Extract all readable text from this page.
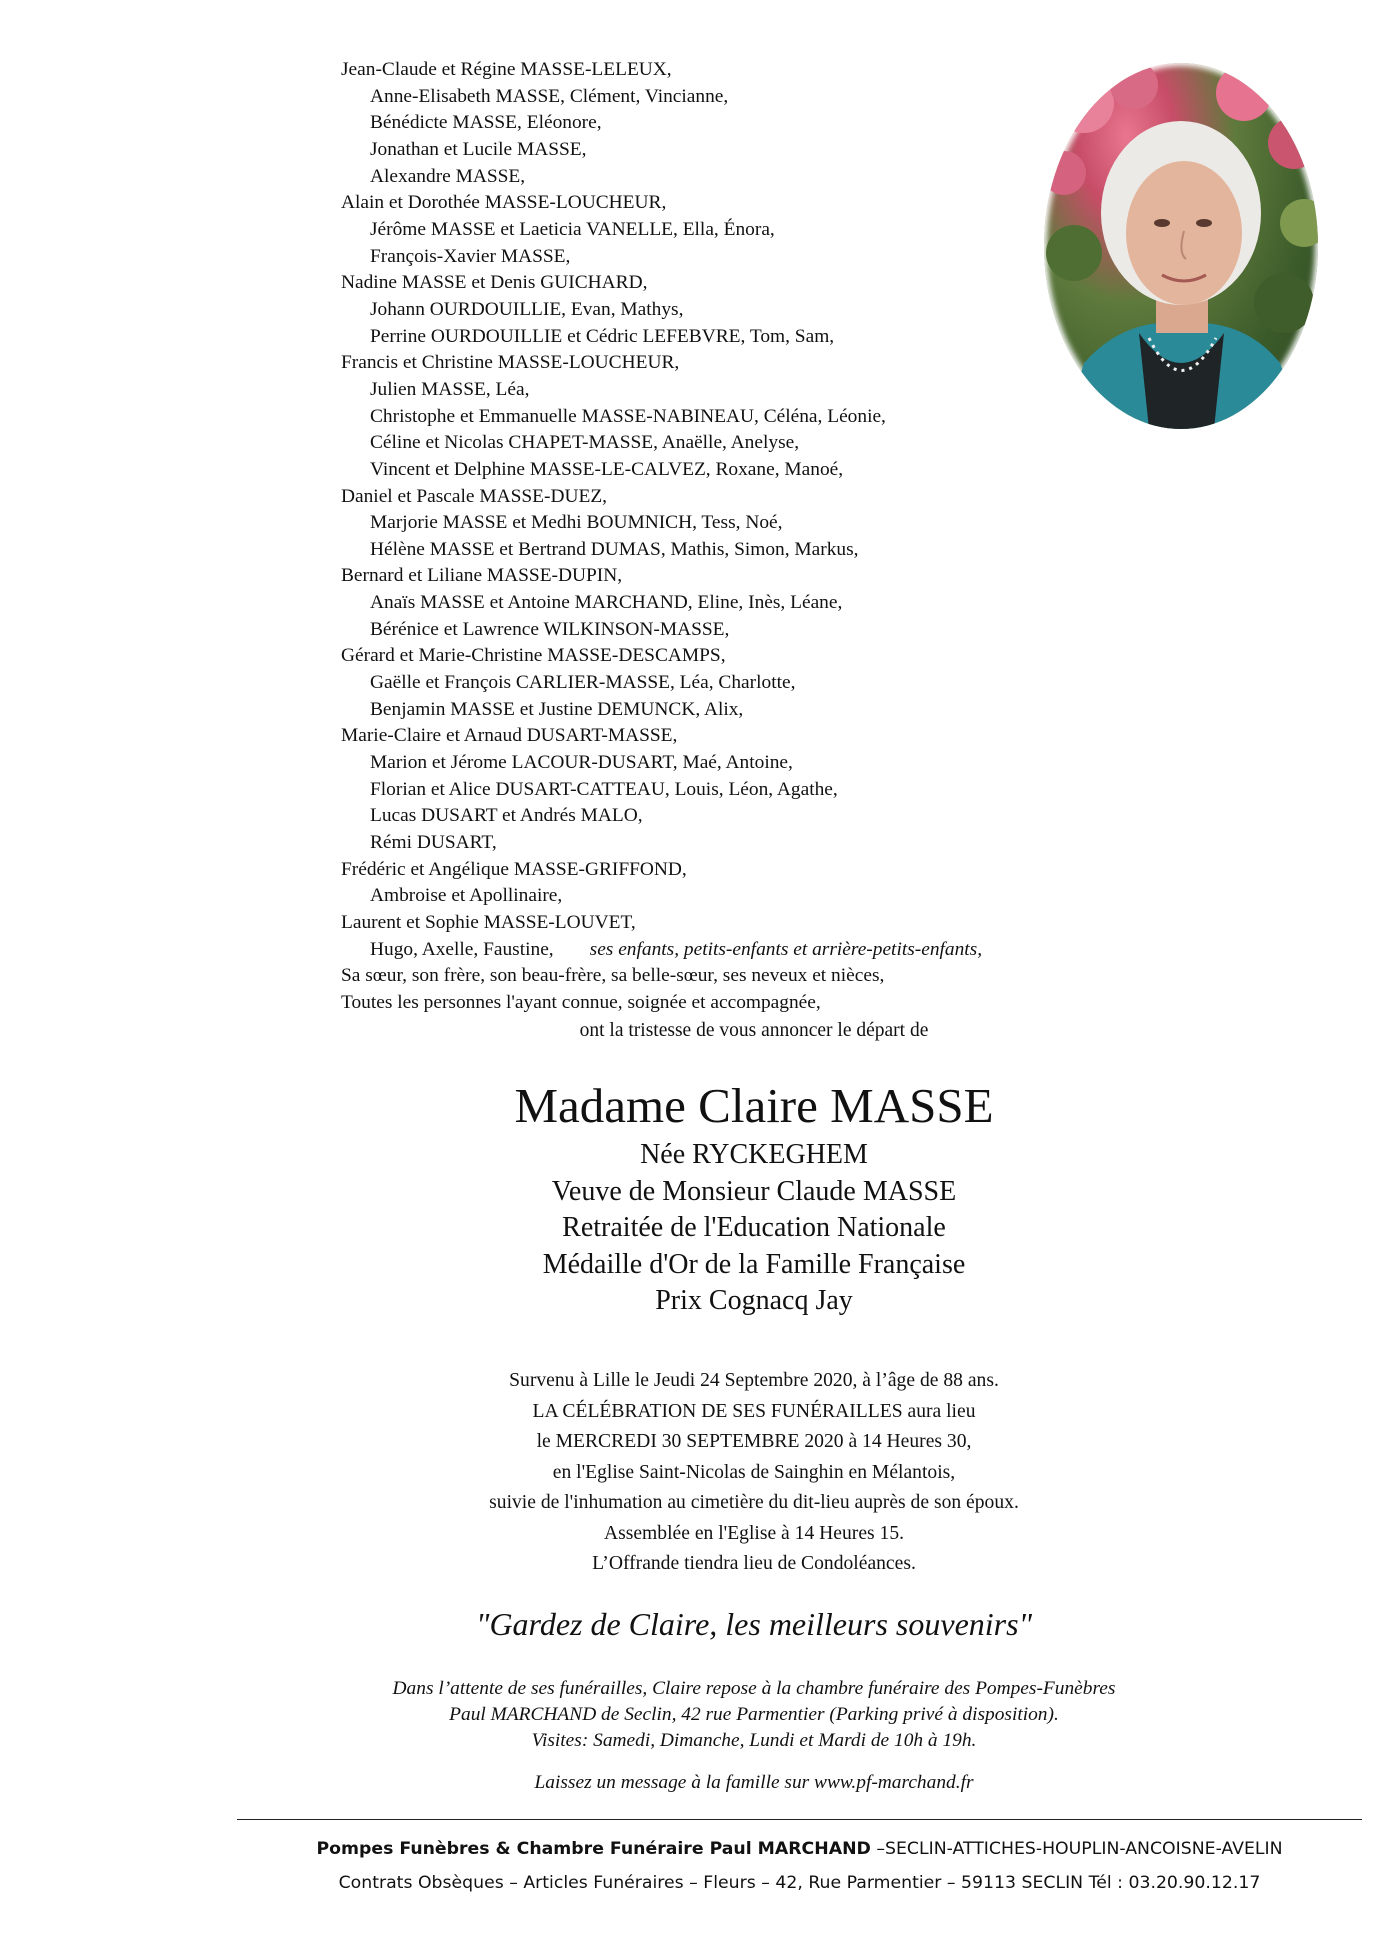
Jean-Claude et Régine MASSE-LELEUX,
Anne-Elisabeth MASSE, Clément, Vincianne,
Bénédicte MASSE, Eléonore,
Jonathan et Lucile MASSE,
Alexandre MASSE,
Alain et Dorothée MASSE-LOUCHEUR,
Jérôme MASSE et Laeticia VANELLE, Ella, Énora,
François-Xavier MASSE,
Nadine MASSE et Denis GUICHARD,
Johann OURDOUILLIE, Evan, Mathys,
Perrine OURDOUILLIE et Cédric LEFEBVRE, Tom, Sam,
Francis et Christine MASSE-LOUCHEUR,
Julien MASSE, Léa,
Christophe et Emmanuelle MASSE-NABINEAU, Céléna, Léonie,
Céline et Nicolas CHAPET-MASSE, Anaëlle, Anelyse,
Vincent et Delphine MASSE-LE-CALVEZ, Roxane, Manoé,
Daniel et Pascale MASSE-DUEZ,
Marjorie MASSE et Medhi BOUMNICH, Tess, Noé,
Hélène MASSE et Bertrand DUMAS, Mathis, Simon, Markus,
Bernard et Liliane MASSE-DUPIN,
Anaïs MASSE et Antoine MARCHAND, Eline, Inès, Léane,
Bérénice et Lawrence WILKINSON-MASSE,
Gérard et Marie-Christine MASSE-DESCAMPS,
Gaëlle et François CARLIER-MASSE, Léa, Charlotte,
Benjamin MASSE et Justine DEMUNCK, Alix,
Marie-Claire et Arnaud DUSART-MASSE,
Marion et Jérome LACOUR-DUSART, Maé, Antoine,
Florian et Alice DUSART-CATTEAU, Louis, Léon, Agathe,
Lucas DUSART et Andrés MALO,
Rémi DUSART,
Frédéric et Angélique MASSE-GRIFFOND,
Ambroise et Apollinaire,
Laurent et Sophie MASSE-LOUVET,
Hugo, Axelle, Faustine, ses enfants, petits-enfants et arrière-petits-enfants,
Sa sœur, son frère, son beau-frère, sa belle-sœur, ses neveux et nièces,
Toutes les personnes l'ayant connue, soignée et accompagnée,
ont la tristesse de vous annoncer le départ de
Madame Claire MASSE
Née RYCKEGHEM
Veuve de Monsieur Claude MASSE
Retraitée de l'Education Nationale
Médaille d'Or de la Famille Française
Prix Cognacq Jay
Survenu à Lille le Jeudi 24 Septembre 2020, à l’âge de 88 ans.
LA CÉLÉBRATION DE SES FUNÉRAILLES aura lieu
le MERCREDI 30 SEPTEMBRE 2020 à 14 Heures 30,
en l'Eglise Saint-Nicolas de Sainghin en Mélantois,
suivie de l'inhumation au cimetière du dit-lieu auprès de son époux.
Assemblée en l'Eglise à 14 Heures 15.
L’Offrande tiendra lieu de Condoléances.
"Gardez de Claire, les meilleurs souvenirs"
Dans l’attente de ses funérailles, Claire repose à la chambre funéraire des Pompes-Funèbres
Paul MARCHAND de Seclin, 42 rue Parmentier (Parking privé à disposition).
Visites: Samedi, Dimanche, Lundi et Mardi de 10h à 19h.
Laissez un message à la famille sur www.pf-marchand.fr
Pompes Funèbres & Chambre Funéraire Paul MARCHAND –SECLIN-ATTICHES-HOUPLIN-ANCOISNE-AVELIN
Contrats Obsèques – Articles Funéraires – Fleurs – 42, Rue Parmentier – 59113 SECLIN Tél : 03.20.90.12.17
